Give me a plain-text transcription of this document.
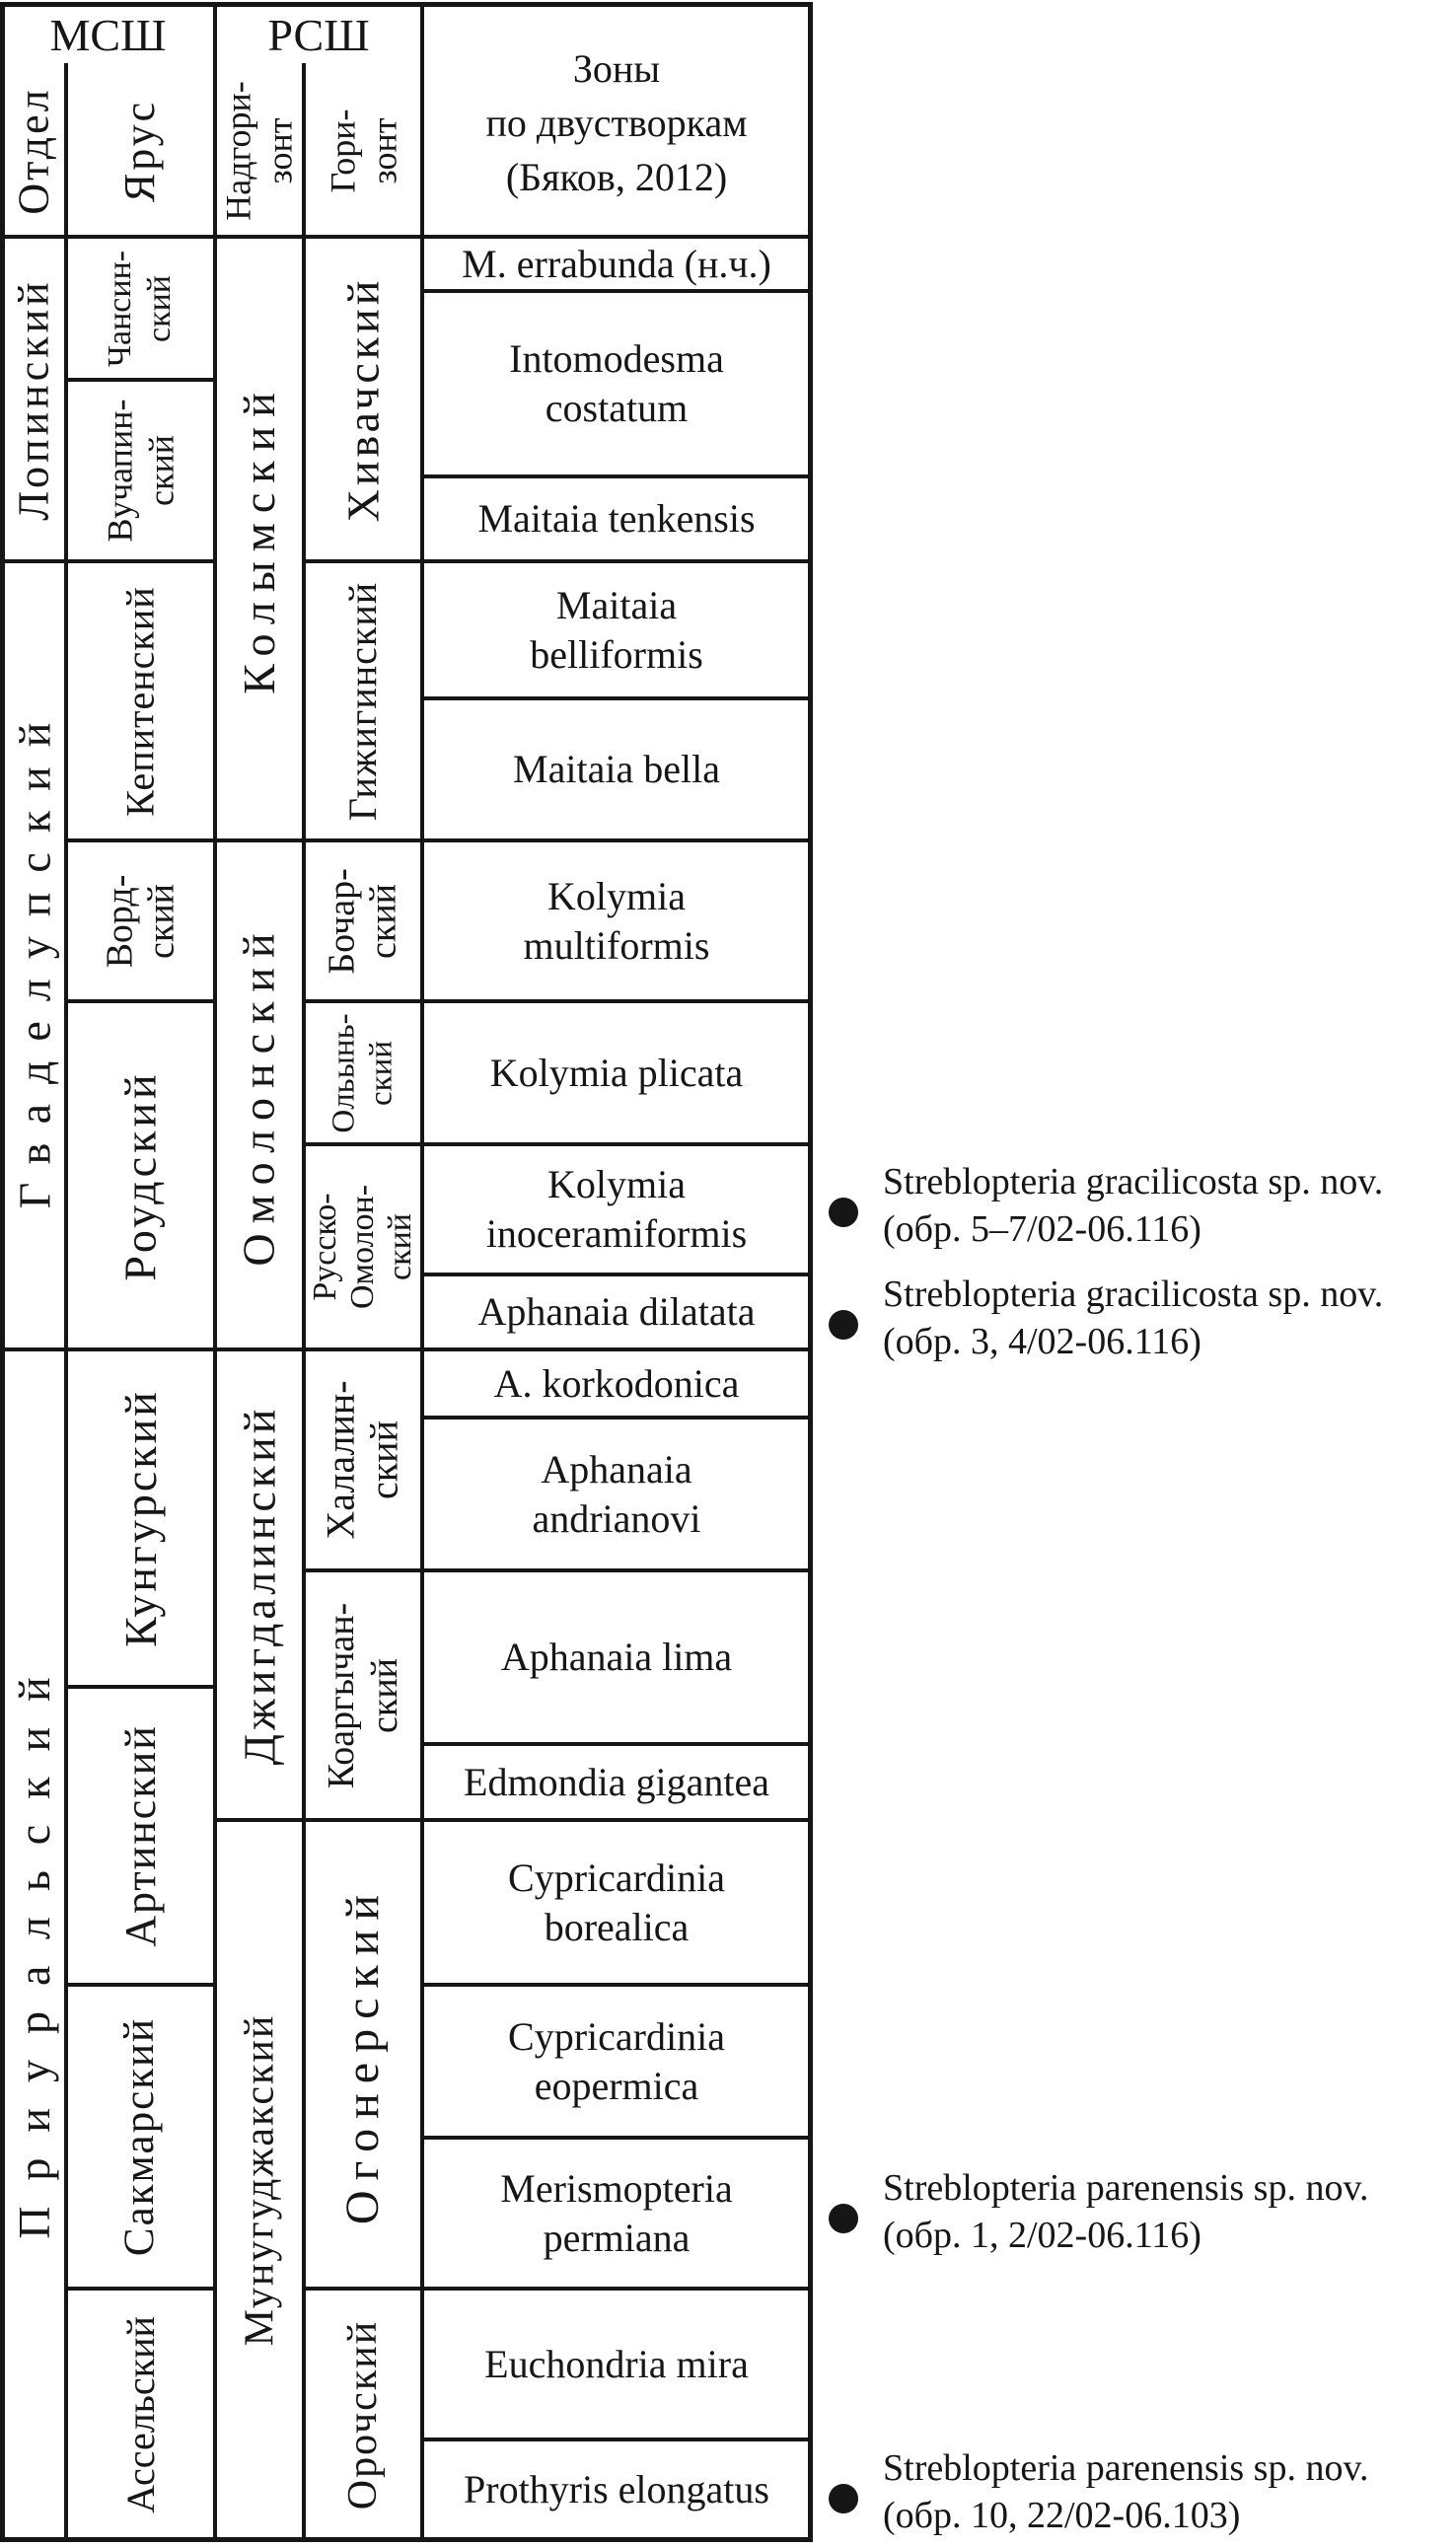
МСШ РСШ
Зоны
по двустворкам
(Бяков, 2012)
Отдел Ярус Надгори- зонт Гори- зонт
Лопинский
Гваделупский
Приуральский
Чансин- ский
Вучапин- ский
Кепитенский
Ворд- ский
Роудский
Кунгурский
Артинский
Сакмарский
Ассельский
Колымский
Омолонский
Джигдалинский
Мунугуджакский
Хивачский
Гижигинский
Бочар- ский
Ольынь- ский
Русско- Омолон- ский
Халалин- ский
Коаргычан- ский
Огонерский
Орочский
M. errabunda (н.ч.)
Intomodesma
costatum
Maitaia tenkensis
Maitaia
belliformis
Maitaia bella
Kolymia
multiformis
Kolymia plicata
Kolymia
inoceramiformis
Aphanaia dilatata
A. korkodonica
Aphanaia
andrianovi
Aphanaia lima
Edmondia gigantea
Cypricardinia
borealica
Cypricardinia
eopermica
Merismopteria
permiana
Euchondria mira
Prothyris elongatus
Streblopteria gracilicosta sp. nov.
(обр. 5–7/02-06.116)
Streblopteria gracilicosta sp. nov.
(обр. 3, 4/02-06.116)
Streblopteria parenensis sp. nov.
(обр. 1, 2/02-06.116)
Streblopteria parenensis sp. nov.
(обр. 10, 22/02-06.103)
